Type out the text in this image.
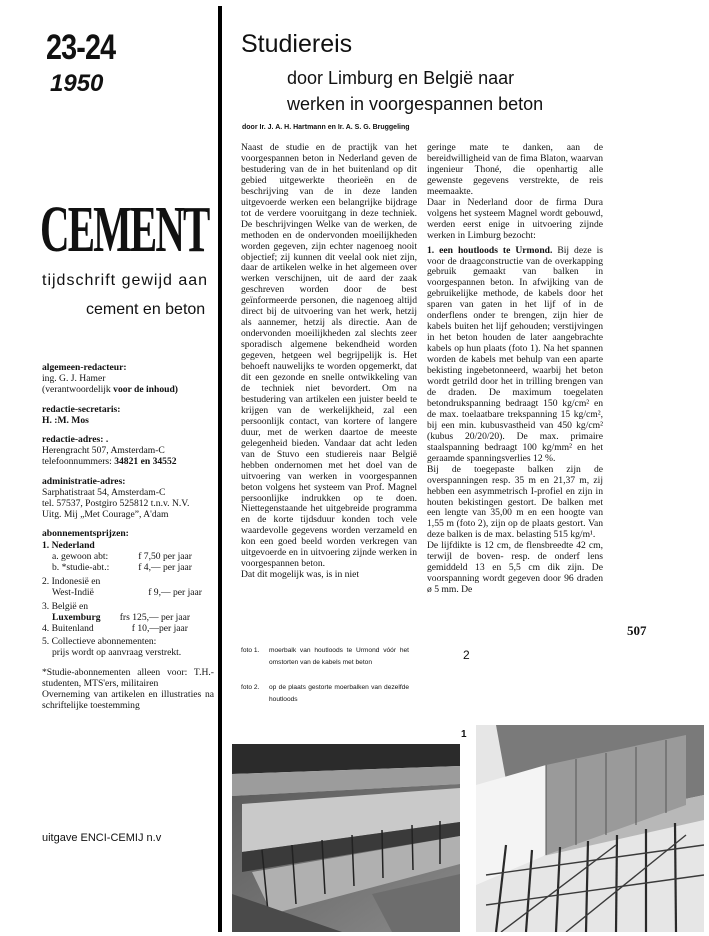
23-24
1950
CEMENT
tijdschrift gewijd aan
cement en beton

algemeen-redacteur:

ing. G. J. Hamer

(verantwoordelijk voor de inhoud)

redactie-secretaris:

H. :M. Mos

redactie-adres: .

Herengracht 507, Amsterdam-C

telefoonnummers: 34821 en 34552

administratie-adres:

Sarphatistraat 54, Amsterdam-C

tel. 57537, Postgiro 525812 t.n.v. N.V.

Uitg. Mij „Met Courage”, A'dam

abonnementsprijzen:

1. Nederland

a. gewoon abt:	f 7,50 per jaar
b. *studie-abt.:	f 4,— per jaar

2. Indonesië en

West-Indië	f 9,— per jaar

3. België en

Luxemburg frs 125,— per jaar

4. Buitenland	f 10,—per jaar

5. Collectieve abonnementen:

prijs wordt op aanvraag verstrekt.

*Studie-abonnementen alleen voor: T.H.-studenten, MTS'ers, militairen

Overneming van artikelen en illustraties na schriftelijke toestemming

uitgave ENCI-CEMIJ n.v
Studiereis
door Limburg en België naar
werken in voorgespannen beton
door Ir. J. A. H. Hartmann en Ir. A. S. G. Bruggeling

Naast de studie en de practijk van het voorgespannen beton in Nederland geven de bestudering van de in het buitenland op dit gebied uitgewerkte theorieën en de beschrijving van de in deze landen uitgevoerde werken een belangrijke bijdrage tot de verdere vooruitgang in deze techniek. De beschrijvingen Welke van de werken, de methoden en de ondervonden moeilijkheden worden gegeven, zijn echter nagenoeg nooit objectief; zij kunnen dit veelal ook niet zijn, daar de artikelen welke in het algemeen over werken verschijnen, uit de aard der zaak geschreven worden door de best geïnformeerde personen, die nagenoeg altijd direct bij de uitvoering van het werk, hetzij als aannemer, hetzij als directie. Aan de ondervonden moeilijkheden zal slechts zeer sporadisch algemene bekendheid worden gegeven, hetgeen wel begrijpelijk is. Het behoeft nauwelijks te worden opgemerkt, dat dit een gezonde en snelle ontwikkeling van de techniek niet bevordert. Om na bestudering van artikelen een juister beeld te krijgen van de werkelijkheid, zal een persoonlijk contact, van kortere of langere duur, met de werken daartoe de meeste gelegenheid bieden. Vandaar dat acht leden van de Stuvo een studiereis naar België hebben ondernomen met het doel van de uitvoering van werken in voorgespannen beton volgens het systeem van Prof. Magnel persoonlijke indrukken op te doen. Niettegenstaande het uitgebreide programma en de korte tijdsduur konden toch vele waardevolle gegevens worden verzameld en kon een goed beeld worden verkregen van uitgevoerde en in uitvoering zijnde werken in voorgespannen beton.

Dat dit mogelijk was, is in niet

geringe mate te danken, aan de bereidwilligheid van de fima Blaton, waarvan ingenieur Thoné, die openhartig alle gewenste gegevens verstrekte, de reis meemaakte.

Daar in Nederland door de firma Dura volgens het systeem Magnel wordt gebouwd, werden eerst enige in uitvoering zijnde werken in Limburg bezocht:

1. een houtloods te Urmond. Bij deze is voor de draagconstructie van de overkapping gebruik gemaakt van balken in voorgespannen beton. In afwijking van de gebruikelijke methode, de kabels door het sparen van gaten in het lijf of in de onderflens onder te brengen, zijn hier de kabels buiten het lijf gehouden; verstijvingen in het beton houden de later aangebrachte kabels op hun plaats (foto 1). Na het spannen worden de kabels met behulp van een aparte bekisting ingebetonneerd, waarbij het beton wordt getrild door het in trilling brengen van de draden. De maximum toegelaten betondrukspanning bedraagt 150 kg/cm² en de max. toelaatbare trekspanning 15 kg/cm², bij een min. kubusvastheid van 450 kg/cm² (kubus 20/20/20). De max. primaire staalspanning bedraagt 100 kg/mm² en het geraamde spanningsverlies 12 %.

Bij de toegepaste balken zijn de overspanningen resp. 35 m en 21,37 m, zij hebben een asymmetrisch I-profiel en zijn in houten bekistingen gestort. De balken met een lengte van 35,00 m en een hoogte van 1,55 m (foto 2), zijn op de plaats gestort. Van deze balken is de max. belasting 515 kg/m¹.

De lijfdikte is 12 cm, de flensbreedte 42 cm, terwijl de boven- resp. de onderf lens gemiddeld 13 en 5,5 cm dik zijn. De voorspanning wordt gegeven door 96 draden ø 5 mm. De

507
foto 1. moerbalk van houtloods te Urmond vóór het omstorten van de kabels met beton
foto 2. op de plaats gestorte moerbalken van dezelfde houtloods
2
1
